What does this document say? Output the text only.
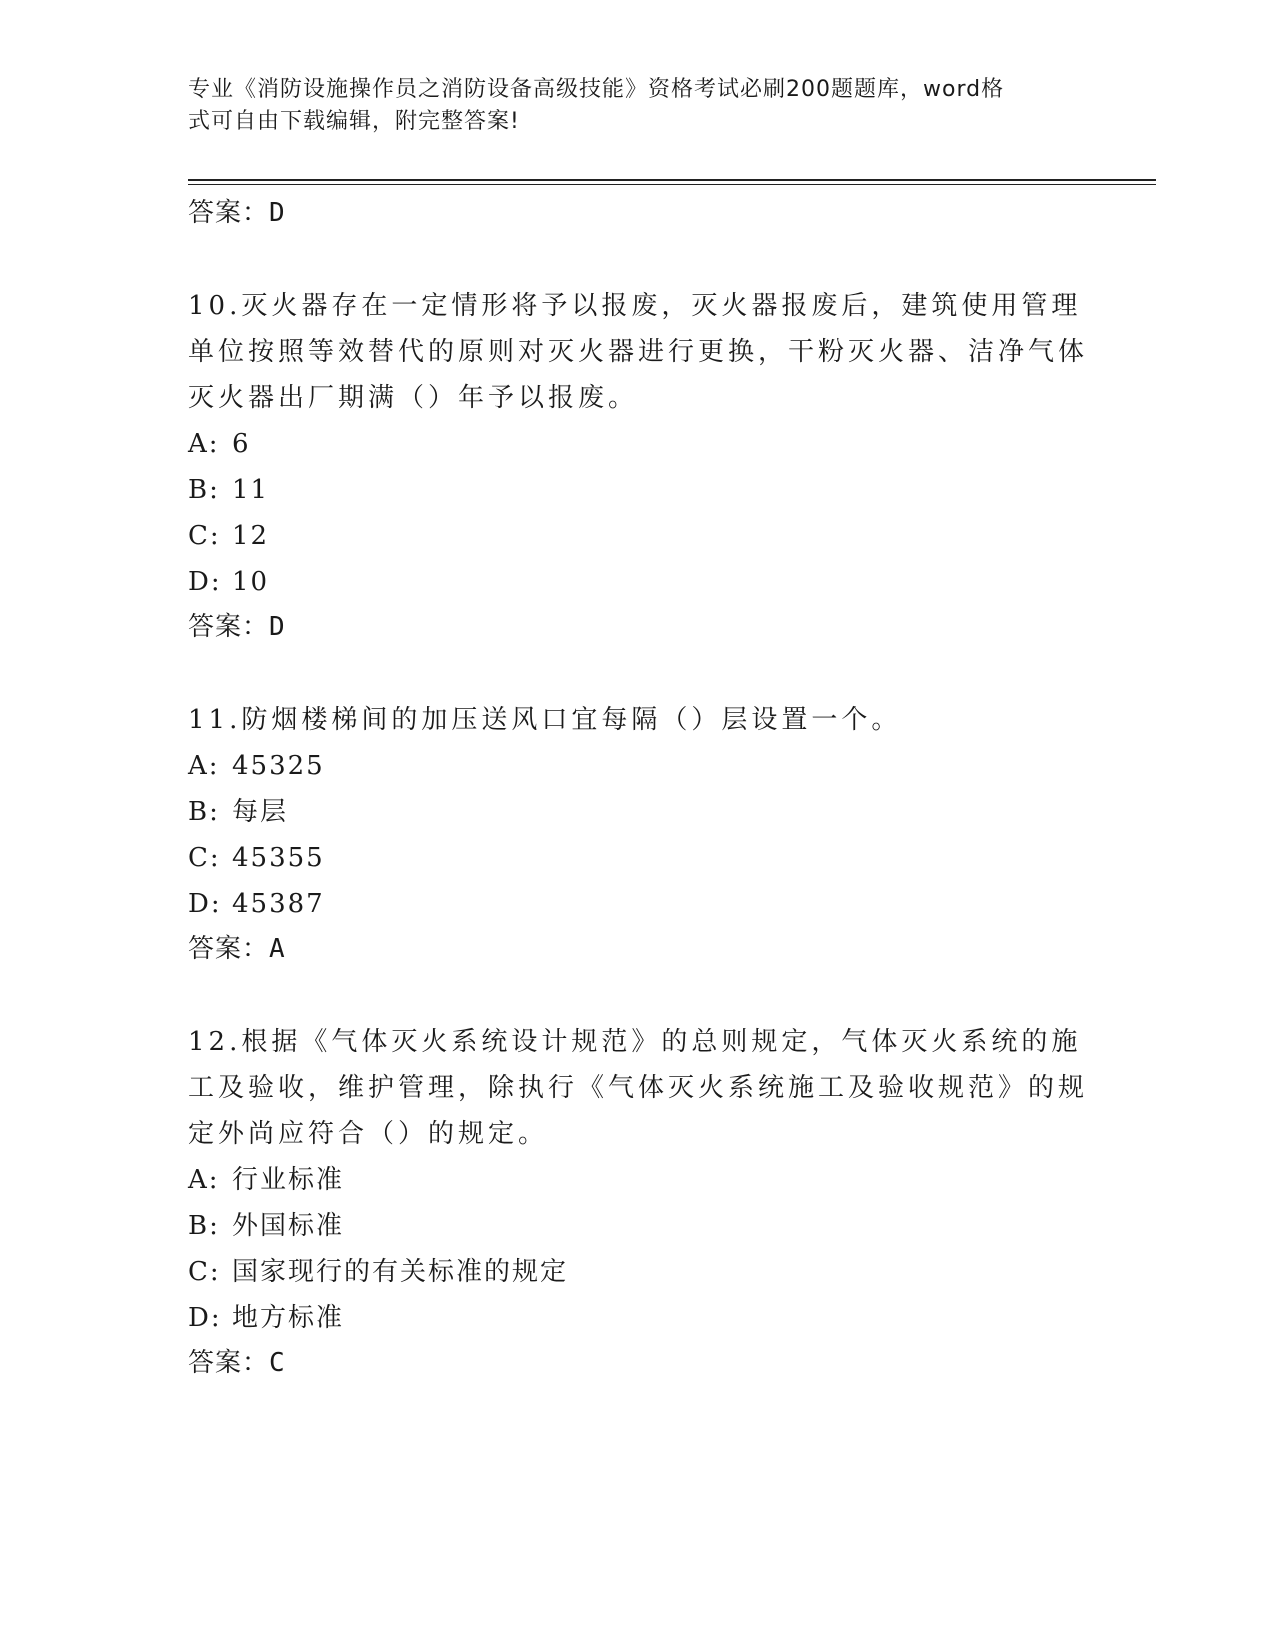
专业《消防设施操作员之消防设备高级技能》资格考试必刷200题题库，word格
式可自由下载编辑，附完整答案!
答案：D
10.灭火器存在一定情形将予以报废，灭火器报废后，建筑使用管理单位按照等效替代的原则对灭火器进行更换，干粉灭火器、洁净气体灭火器出厂期满（）年予以报废。
A: 6
B: 11
C: 12
D: 10
答案：D
11.防烟楼梯间的加压送风口宜每隔（）层设置一个。
A: 45325
B: 每层
C: 45355
D: 45387
答案：A
12.根据《气体灭火系统设计规范》的总则规定，气体灭火系统的施工及验收，维护管理，除执行《气体灭火系统施工及验收规范》的规定外尚应符合（）的规定。
A: 行业标准
B: 外国标准
C: 国家现行的有关标准的规定
D: 地方标准
答案：C
